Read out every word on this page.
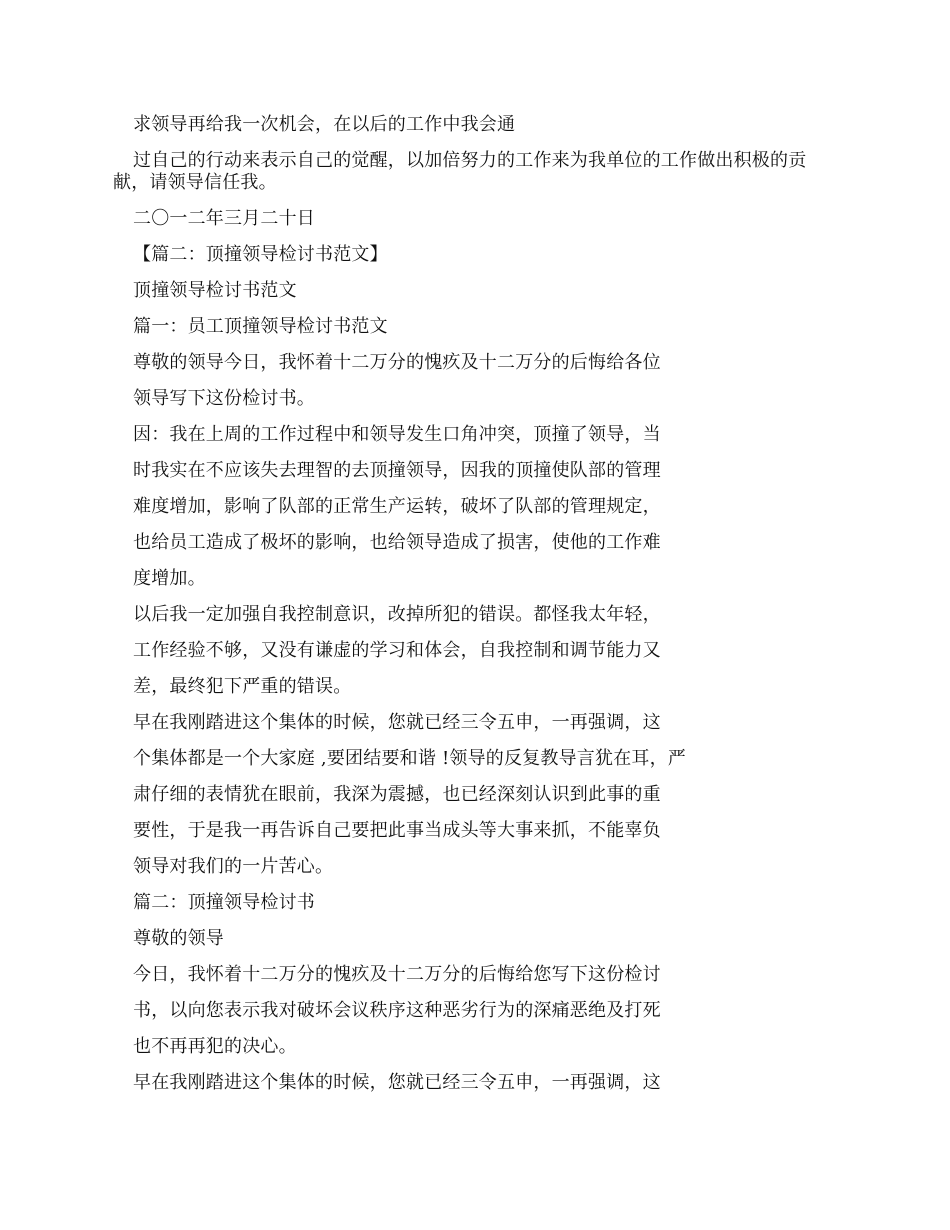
求领导再给我一次机会，在以后的工作中我会通
过自己的行动来表示自己的觉醒，以加倍努力的工作来为我单位的工作做出积极的贡
献，请领导信任我。
二〇一二年三月二十日
【篇二：顶撞领导检讨书范文】
顶撞领导检讨书范文
篇一：员工顶撞领导检讨书范文
尊敬的领导今日，我怀着十二万分的愧疚及十二万分的后悔给各位
领导写下这份检讨书。
因：我在上周的工作过程中和领导发生口角冲突，顶撞了领导，当
时我实在不应该失去理智的去顶撞领导，因我的顶撞使队部的管理
难度增加，影响了队部的正常生产运转，破坏了队部的管理规定，
也给员工造成了极坏的影响，也给领导造成了损害，使他的工作难
度增加。
以后我一定加强自我控制意识，改掉所犯的错误。都怪我太年轻，
工作经验不够，又没有谦虚的学习和体会，自我控制和调节能力又
差，最终犯下严重的错误。
早在我刚踏进这个集体的时候，您就已经三令五申，一再强调，这
个集体都是一个大家庭 ,要团结要和谐 !领导的反复教导言犹在耳，严
肃仔细的表情犹在眼前，我深为震撼，也已经深刻认识到此事的重
要性，于是我一再告诉自己要把此事当成头等大事来抓，不能辜负
领导对我们的一片苦心。
篇二：顶撞领导检讨书
尊敬的领导
今日，我怀着十二万分的愧疚及十二万分的后悔给您写下这份检讨
书，以向您表示我对破坏会议秩序这种恶劣行为的深痛恶绝及打死
也不再再犯的决心。
早在我刚踏进这个集体的时候，您就已经三令五申，一再强调，这
